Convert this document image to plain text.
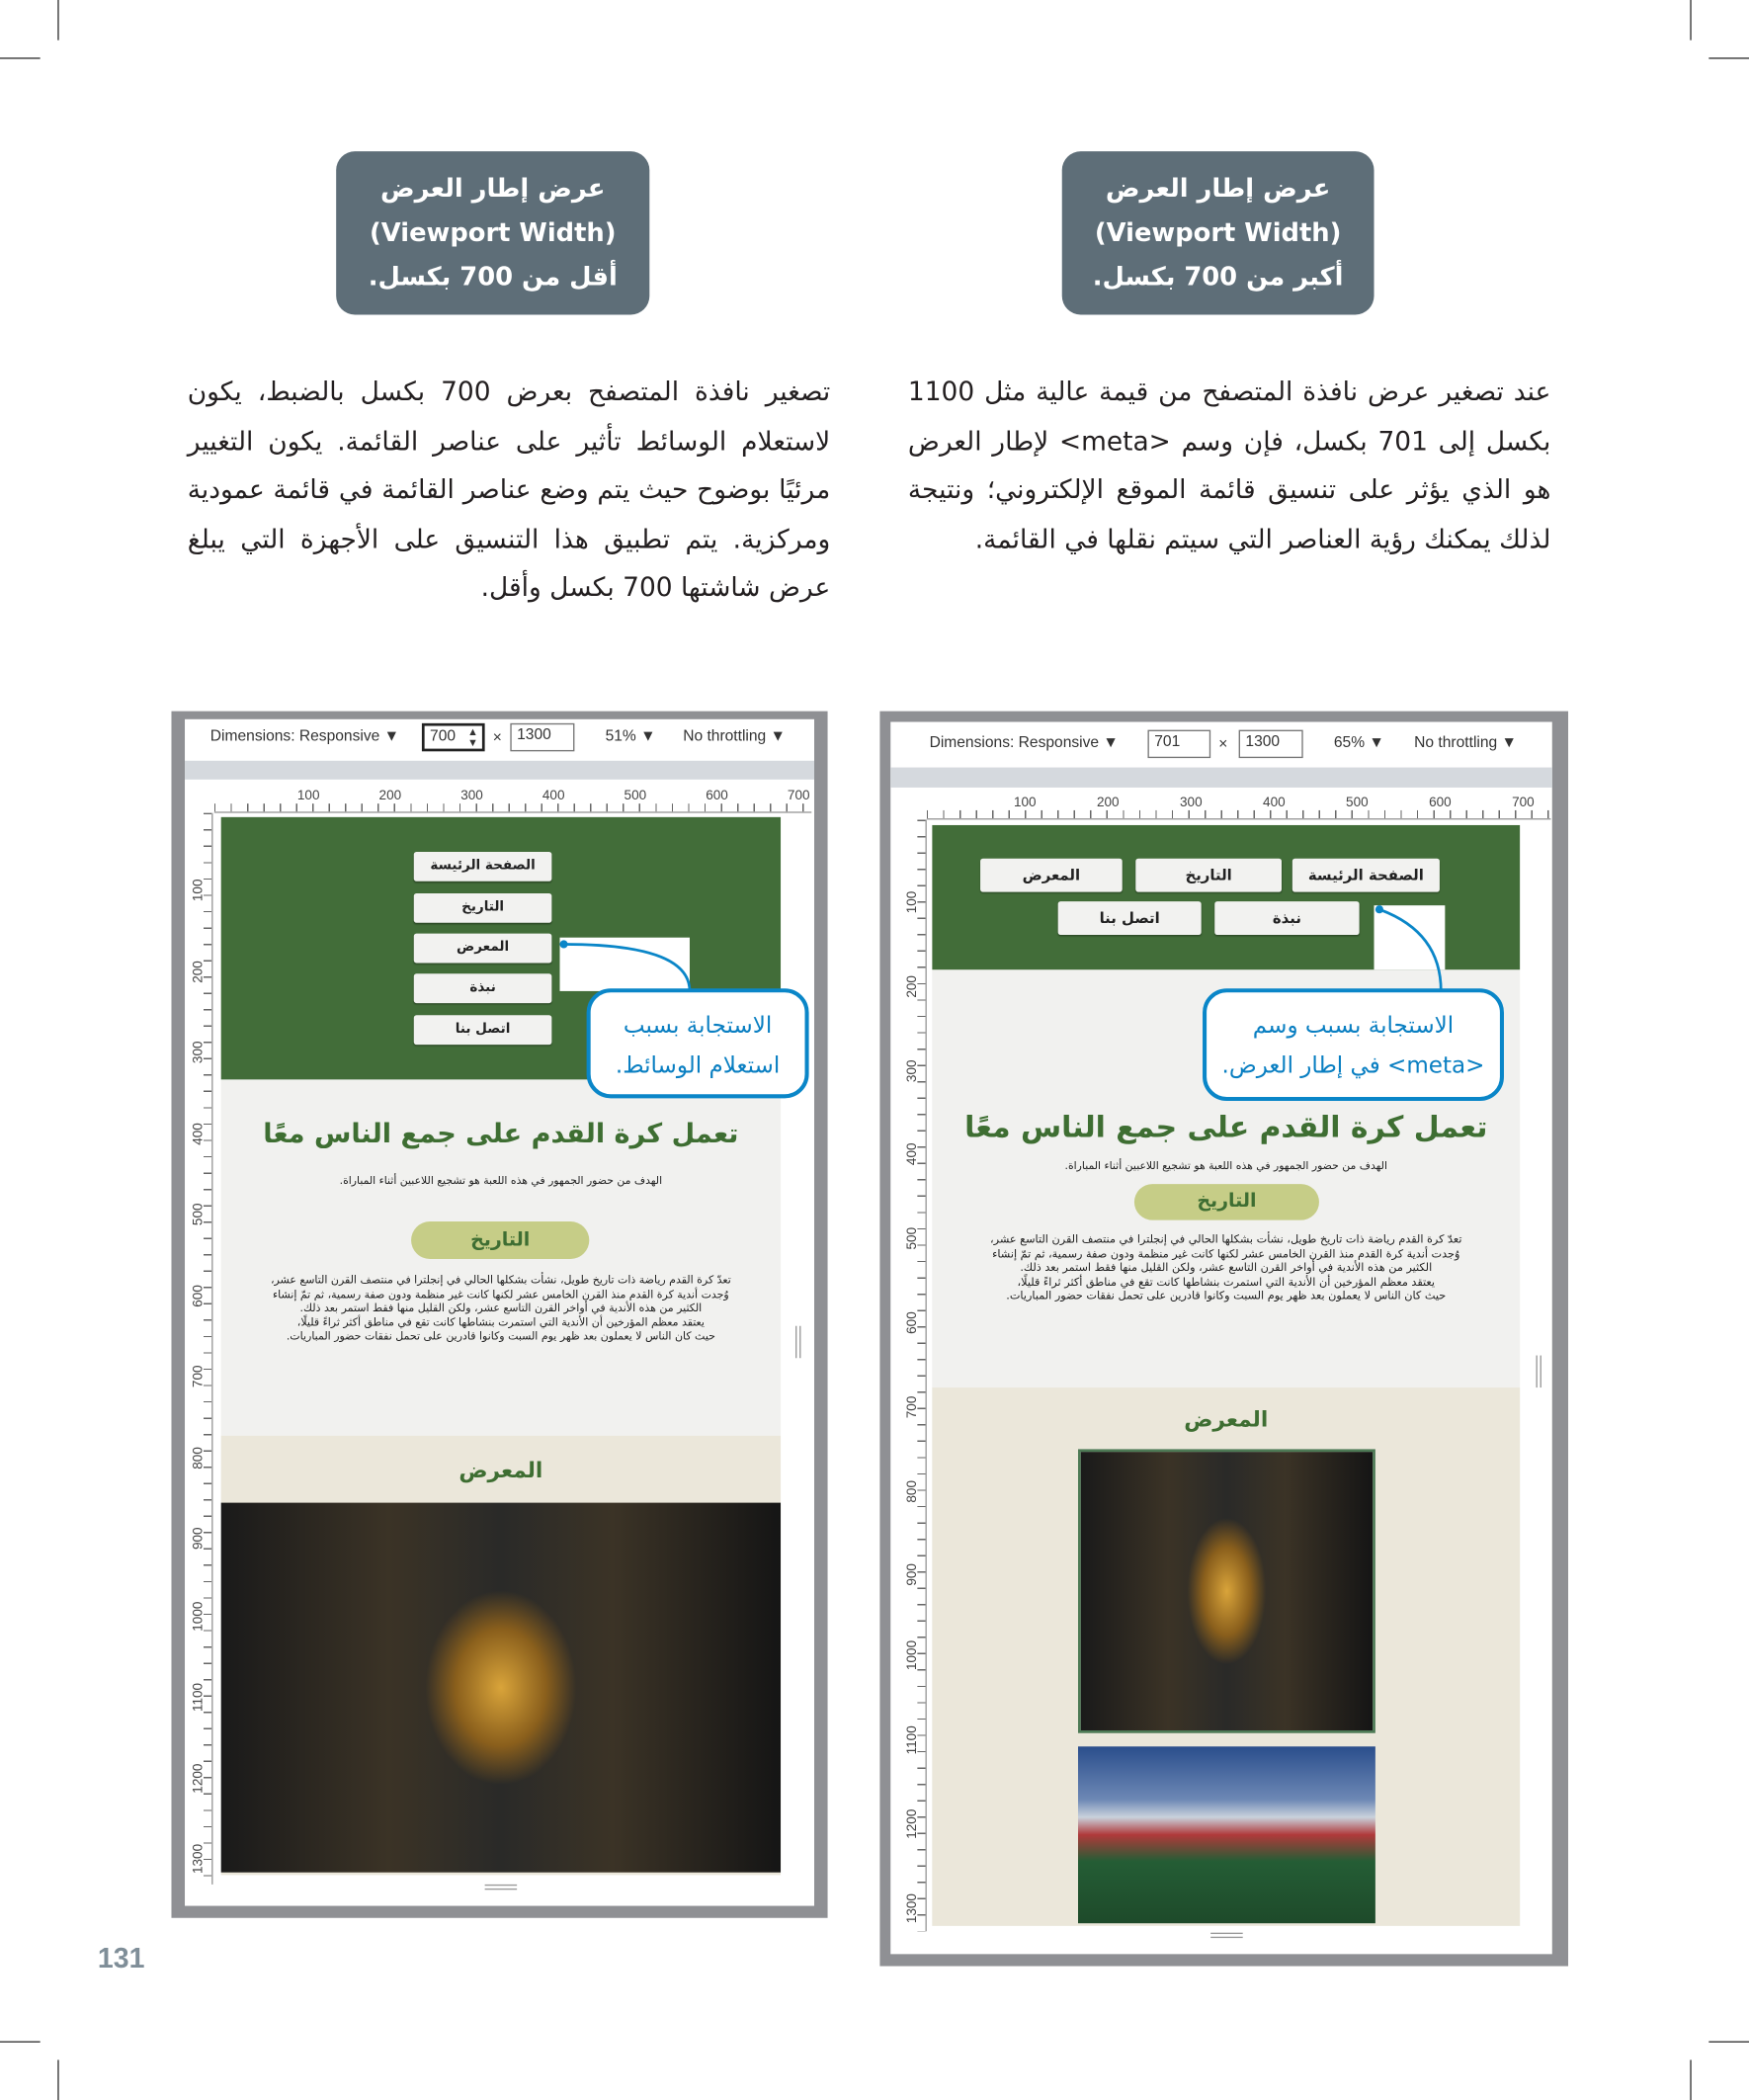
عرض إطار العرض
(Viewport Width)
أكبر من 700 بكسل.
عرض إطار العرض
(Viewport Width)
أقل من 700 بكسل.
عند تصغير عرض نافذة المتصفح من قيمة عالية مثل 1100 بكسل إلى 701 بكسل، فإن وسم <meta> لإطار العرض هو الذي يؤثر على تنسيق قائمة الموقع الإلكتروني؛ ونتيجة لذلك يمكنك رؤية العناصر التي سيتم نقلها في القائمة.
تصغير نافذة المتصفح بعرض 700 بكسل بالضبط، يكون لاستعلام الوسائط تأثير على عناصر القائمة. يكون التغيير مرئيًا بوضوح حيث يتم وضع عناصر القائمة في قائمة عمودية ومركزية. يتم تطبيق هذا التنسيق على الأجهزة التي يبلغ عرض شاشتها 700 بكسل وأقل.
Dimensions: Responsive ▼	700 ▲
▼ ×	1300	51% ▼ No throttling ▼
100	200	300	400	500	600	700
100
200
300
400
500
600
700
800
900
1000
1100
1200
1300
تعمل كرة القدم على جمع الناس معًا
الهدف من حضور الجمهور في هذه اللعبة هو تشجيع اللاعبين أثناء المباراة.
التاريخ
تعدّ كرة القدم رياضة ذات تاريخ طويل، نشأت بشكلها الحالي في إنجلترا في منتصف القرن التاسع عشر،
وُجدت أندية كرة القدم منذ القرن الخامس عشر لكنها كانت غير منظمة ودون صفة رسمية، ثم تمّ إنشاء
الكثير من هذه الأندية في أواخر القرن التاسع عشر، ولكن القليل منها فقط استمر بعد ذلك.
يعتقد معظم المؤرخين أن الأندية التي استمرت بنشاطها كانت تقع في مناطق أكثر ثراءً قليلًا،
حيث كان الناس لا يعملون بعد ظهر يوم السبت وكانوا قادرين على تحمل نفقات حضور المباريات.
المعرض
Dimensions: Responsive ▼	701	×	1300	65% ▼	No throttling ▼
100	200	300	400	500	600	700
100
200
300
400
500
600
700
800
900
1000
1100
1200
1300
تعمل كرة القدم على جمع الناس معًا
الهدف من حضور الجمهور في هذه اللعبة هو تشجيع اللاعبين أثناء المباراة.
التاريخ
تعدّ كرة القدم رياضة ذات تاريخ طويل، نشأت بشكلها الحالي في إنجلترا في منتصف القرن التاسع عشر،
وُجدت أندية كرة القدم منذ القرن الخامس عشر لكنها كانت غير منظمة ودون صفة رسمية، ثم تمّ إنشاء
الكثير من هذه الأندية في أواخر القرن التاسع عشر، ولكن القليل منها فقط استمر بعد ذلك.
يعتقد معظم المؤرخين أن الأندية التي استمرت بنشاطها كانت تقع في مناطق أكثر ثراءً قليلًا،
حيث كان الناس لا يعملون بعد ظهر يوم السبت وكانوا قادرين على تحمل نفقات حضور المباريات.
المعرض
الصفحة الرئيسة
الصفحة الرئيسة
التاريخ
التاريخ
المعرض
المعرض
نبذة
نبذة
اتصل بنا
اتصل بنا
الاستجابة بسبب
استعلام الوسائط.
الاستجابة بسبب وسم
<meta> في إطار العرض.
131
